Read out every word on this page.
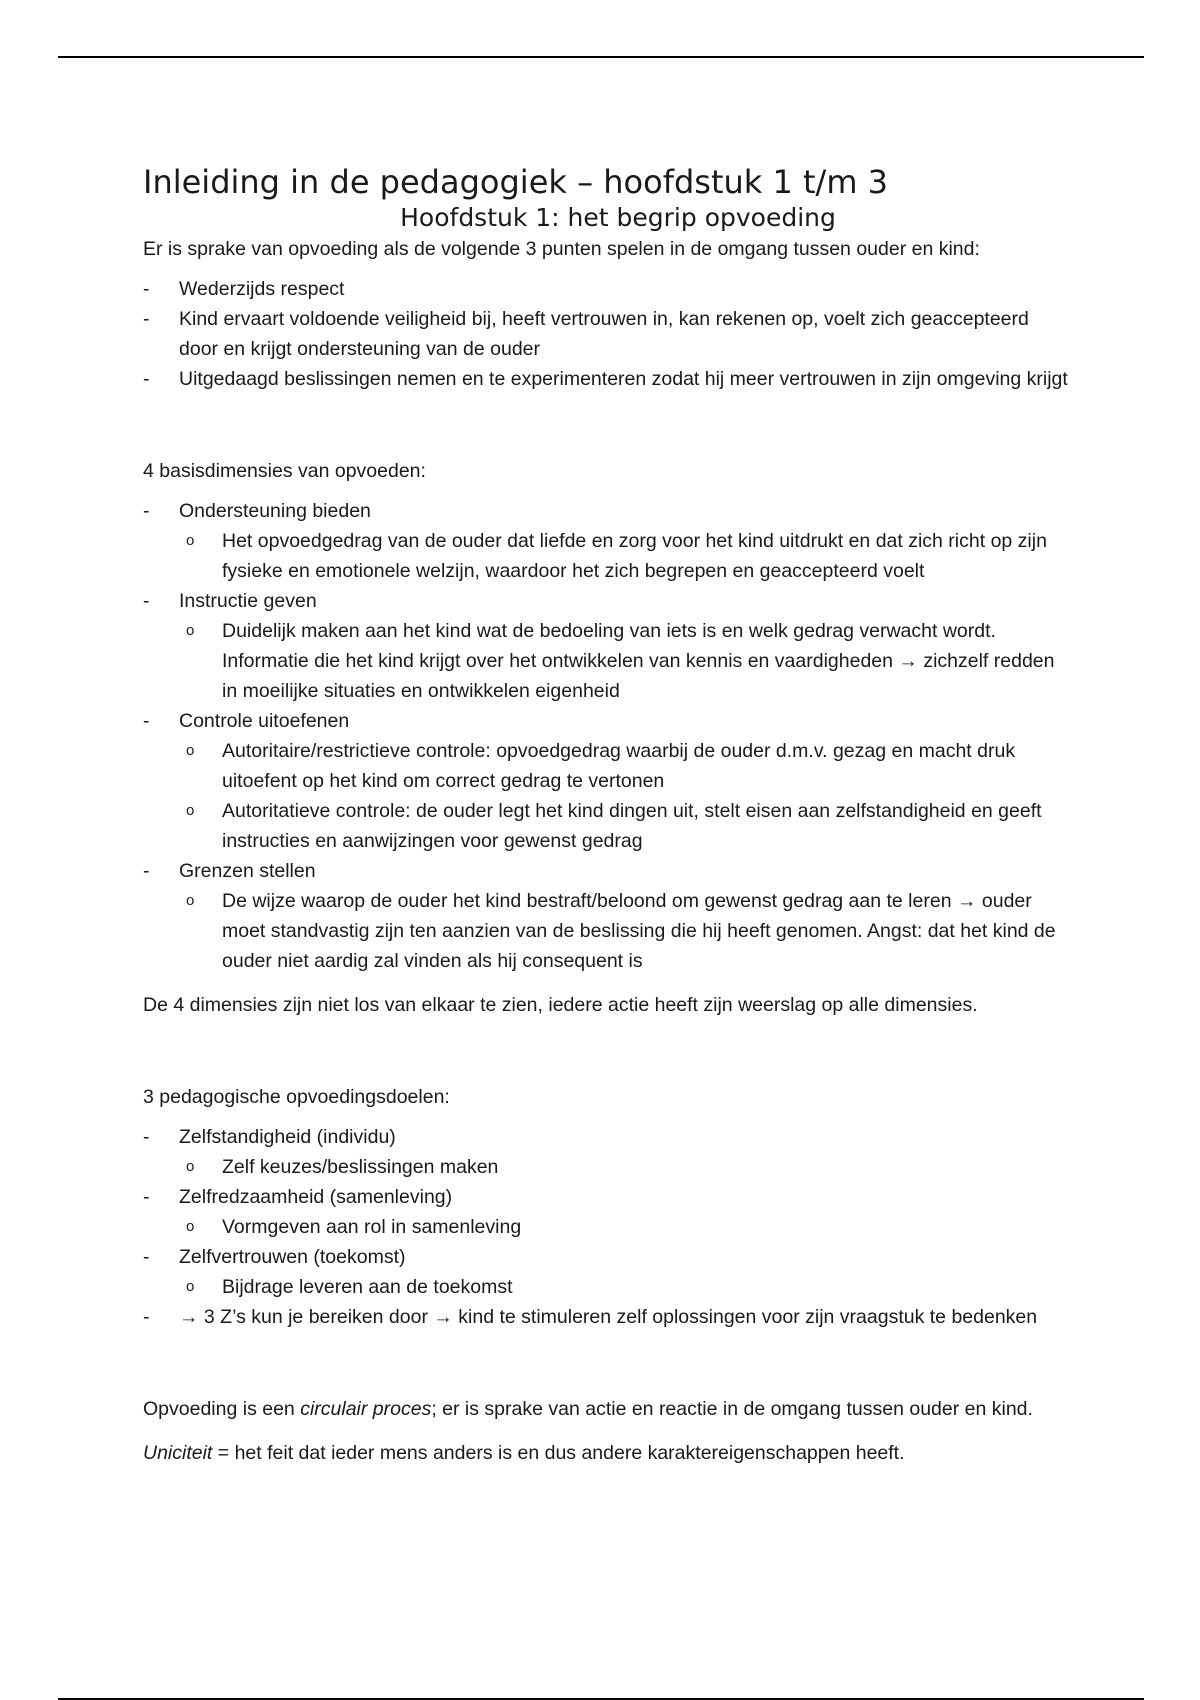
Inleiding in de pedagogiek – hoofdstuk 1 t/m 3
Hoofdstuk 1: het begrip opvoeding

Er is sprake van opvoeding als de volgende 3 punten spelen in de omgang tussen ouder en kind:

- Wederzijds respect
- Kind ervaart voldoende veiligheid bij, heeft vertrouwen in, kan rekenen op, voelt zich geaccepteerd door en krijgt ondersteuning van de ouder
- Uitgedaagd beslissingen nemen en te experimenteren zodat hij meer vertrouwen in zijn omgeving krijgt

4 basisdimensies van opvoeden:

- Ondersteuning bieden
o Het opvoedgedrag van de ouder dat liefde en zorg voor het kind uitdrukt en dat zich richt op zijn fysieke en emotionele welzijn, waardoor het zich begrepen en geaccepteerd voelt
- Instructie geven
o Duidelijk maken aan het kind wat de bedoeling van iets is en welk gedrag verwacht wordt. Informatie die het kind krijgt over het ontwikkelen van kennis en vaardigheden → zichzelf redden in moeilijke situaties en ontwikkelen eigenheid
- Controle uitoefenen
o Autoritaire/restrictieve controle: opvoedgedrag waarbij de ouder d.m.v. gezag en macht druk uitoefent op het kind om correct gedrag te vertonen
o Autoritatieve controle: de ouder legt het kind dingen uit, stelt eisen aan zelfstandigheid en geeft instructies en aanwijzingen voor gewenst gedrag
- Grenzen stellen
o De wijze waarop de ouder het kind bestraft/beloond om gewenst gedrag aan te leren → ouder moet standvastig zijn ten aanzien van de beslissing die hij heeft genomen. Angst: dat het kind de ouder niet aardig zal vinden als hij consequent is

De 4 dimensies zijn niet los van elkaar te zien, iedere actie heeft zijn weerslag op alle dimensies.

3 pedagogische opvoedingsdoelen:

- Zelfstandigheid (individu)
o Zelf keuzes/beslissingen maken
- Zelfredzaamheid (samenleving)
o Vormgeven aan rol in samenleving
- Zelfvertrouwen (toekomst)
o Bijdrage leveren aan de toekomst
- → 3 Z’s kun je bereiken door → kind te stimuleren zelf oplossingen voor zijn vraagstuk te bedenken

Opvoeding is een circulair proces; er is sprake van actie en reactie in de omgang tussen ouder en kind.

Uniciteit = het feit dat ieder mens anders is en dus andere karaktereigenschappen heeft.
